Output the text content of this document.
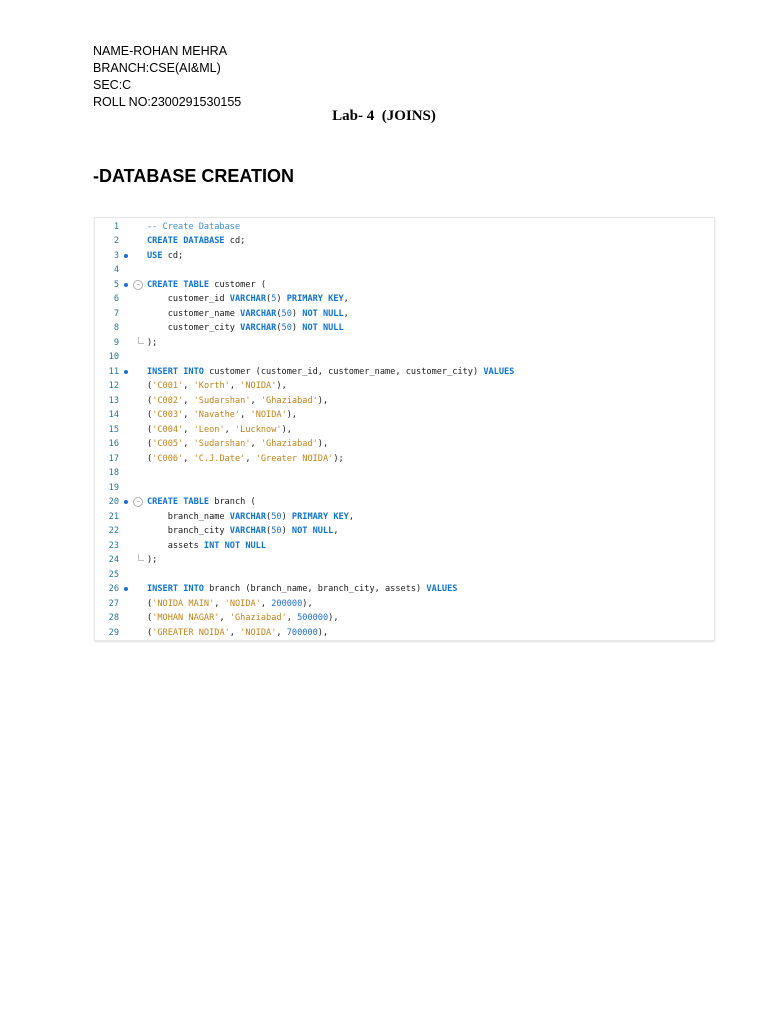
NAME-ROHAN MEHRA
BRANCH:CSE(AI&ML)
SEC:C
ROLL NO:2300291530155
Lab- 4  (JOINS)
-DATABASE CREATION
1	-- Create Database
2	CREATE DATABASE cd;
3	USE cd;
4
5	− CREATE TABLE customer (
6	customer_id VARCHAR(5) PRIMARY KEY,
7	customer_name VARCHAR(50) NOT NULL,
8	customer_city VARCHAR(50) NOT NULL
9	);
10
11	INSERT INTO customer (customer_id, customer_name, customer_city) VALUES
12	('C001', 'Korth', 'NOIDA'),
13	('C002', 'Sudarshan', 'Ghaziabad'),
14	('C003', 'Navathe', 'NOIDA'),
15	('C004', 'Leon', 'Lucknow'),
16	('C005', 'Sudarshan', 'Ghaziabad'),
17	('C006', 'C.J.Date', 'Greater NOIDA');
18
19
20	− CREATE TABLE branch (
21	branch_name VARCHAR(50) PRIMARY KEY,
22	branch_city VARCHAR(50) NOT NULL,
23	assets INT NOT NULL
24	);
25
26	INSERT INTO branch (branch_name, branch_city, assets) VALUES
27	('NOIDA MAIN', 'NOIDA', 200000),
28	('MOHAN NAGAR', 'Ghaziabad', 500000),
29	('GREATER NOIDA', 'NOIDA', 700000),
